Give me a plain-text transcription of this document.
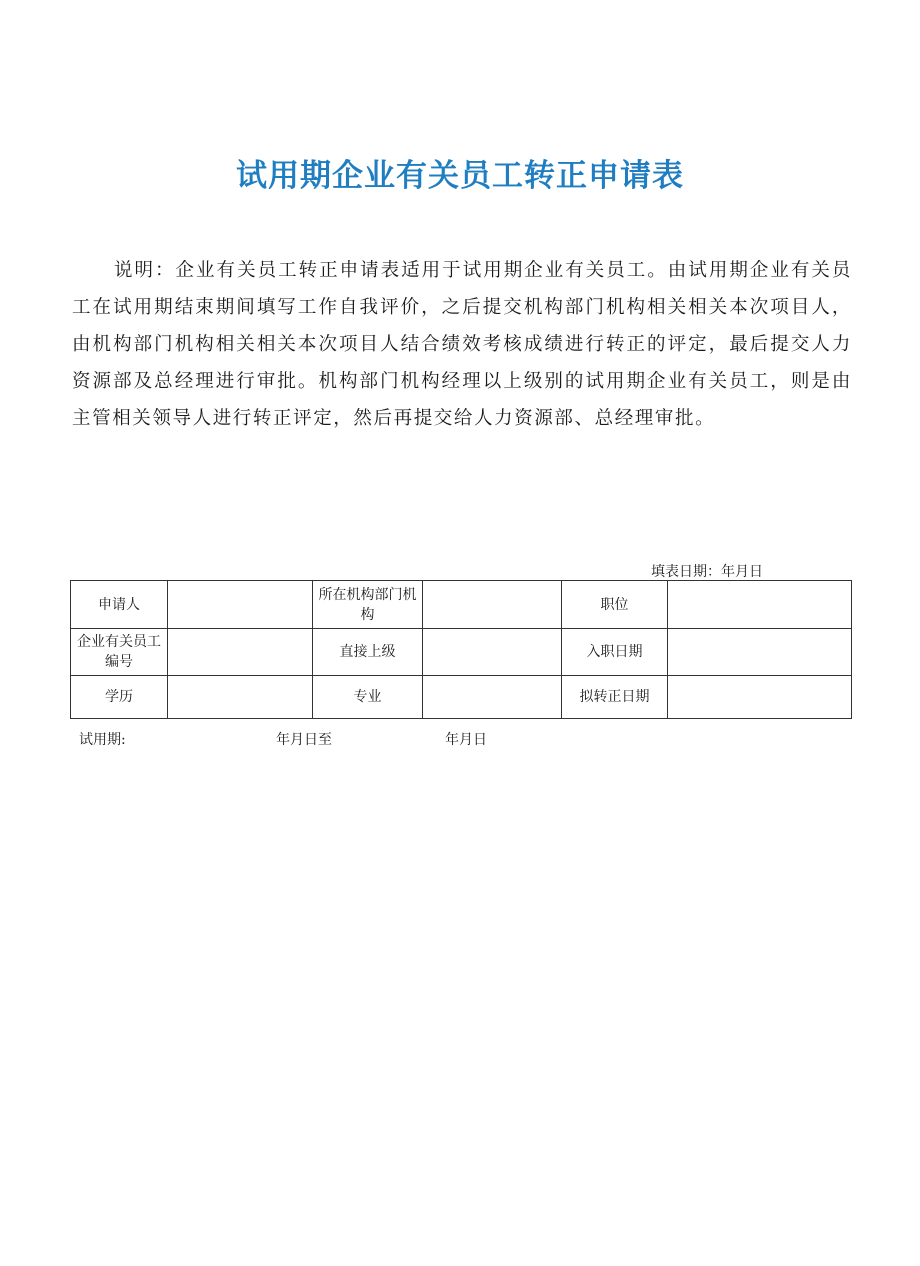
试用期企业有关员工转正申请表

说明：企业有关员工转正申请表适用于试用期企业有关员工。由试用期企业有关员工在试用期结束期间填写工作自我评价，之后提交机构部门机构相关相关本次项目人，由机构部门机构相关相关本次项目人结合绩效考核成绩进行转正的评定，最后提交人力资源部及总经理进行审批。机构部门机构经理以上级别的试用期企业有关员工，则是由主管相关领导人进行转正评定，然后再提交给人力资源部、总经理审批。

填表日期：年月日
申请人		所在机构部门机构		职位	
企业有关员工编号		直接上级		入职日期	
学历		专业		拟转正日期	
试用期:	年月日至	年月日
